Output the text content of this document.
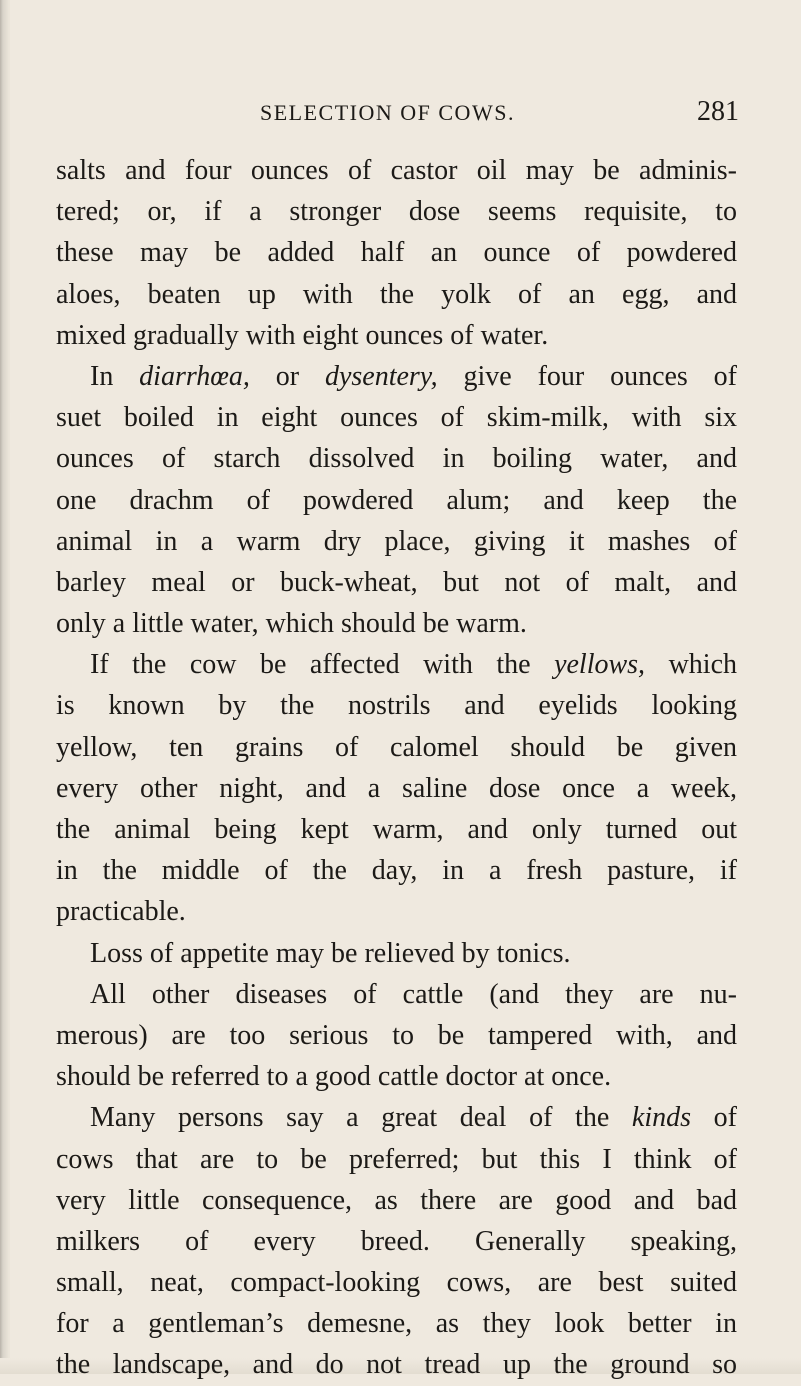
SELECTION OF COWS.	281
salts and four ounces of castor oil may be adminis-
tered; or, if a stronger dose seems requisite, to
these may be added half an ounce of powdered
aloes, beaten up with the yolk of an egg, and
mixed gradually with eight ounces of water.
In diarrhœa, or dysentery, give four ounces of
suet boiled in eight ounces of skim-milk, with six
ounces of starch dissolved in boiling water, and
one drachm of powdered alum; and keep the
animal in a warm dry place, giving it mashes of
barley meal or buck-wheat, but not of malt, and
only a little water, which should be warm.
If the cow be affected with the yellows, which
is known by the nostrils and eyelids looking
yellow, ten grains of calomel should be given
every other night, and a saline dose once a week,
the animal being kept warm, and only turned out
in the middle of the day, in a fresh pasture, if
practicable.
Loss of appetite may be relieved by tonics.
All other diseases of cattle (and they are nu-
merous) are too serious to be tampered with, and
should be referred to a good cattle doctor at once.
Many persons say a great deal of the kinds of
cows that are to be preferred; but this I think of
very little consequence, as there are good and bad
milkers of every breed. Generally speaking,
small, neat, compact-looking cows, are best suited
for a gentleman’s demesne, as they look better in
the landscape, and do not tread up the ground so
